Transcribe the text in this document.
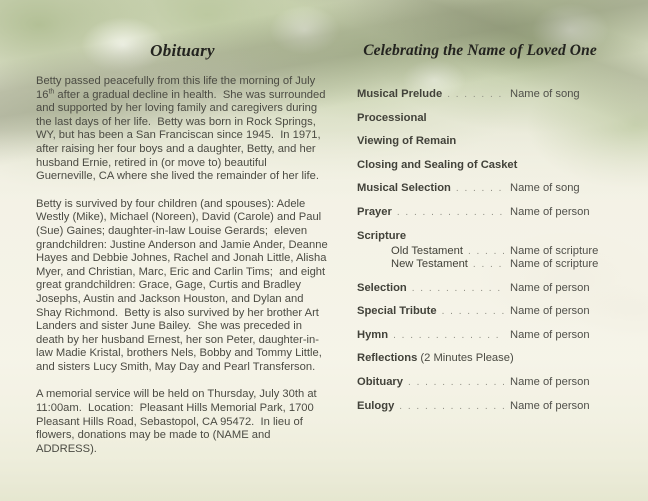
Obituary

Betty passed peacefully from this life the morning of July 16th after a gradual decline in health.  She was surrounded and supported by her loving family and caregivers during the last days of her life.  Betty was born in Rock Springs, WY, but has been a San Franciscan since 1945.  In 1971, after raising her four boys and a daughter, Betty, and her husband Ernie, retired in (or move to) beautiful Guerneville, CA where she lived the remainder of her life.

Betty is survived by four children (and spouses): Adele Westly (Mike), Michael (Noreen), David (Carole) and Paul (Sue) Gaines; daughter-in-law Louise Gerards;  eleven grandchildren: Justine Anderson and Jamie Ander, Deanne Hayes and Debbie Johnes, Rachel and Jonah Little, Alisha Myer, and Christian, Marc, Eric and Carlin Tims;  and eight great grandchildren: Grace, Gage, Curtis and Bradley Josephs, Austin and Jackson Houston, and Dylan and Shay Richmond.  Betty is also survived by her brother Art Landers and sister June Bailey.  She was preceded in death by her husband Ernest, her son Peter, daughter-in-law Madie Kristal, brothers Nels, Bobby and Tommy Little, and sisters Lucy Smith, May Day and Pearl Transferson.

A memorial service will be held on Thursday, July 30th at 11:00am.  Location:  Pleasant Hills Memorial Park, 1700 Pleasant Hills Road, Sebastopol, CA 95472.  In lieu of flowers, donations may be made to (NAME and ADDRESS).

Celebrating the Name of Loved One
Musical Prelude . . .	Name of song
Processional
Viewing of Remain
Closing and Sealing of Casket
Musical Selection . . .	Name of song
Prayer . . .	Name of person
Scripture
Old Testament . . .	Name of scripture
New Testament . . .	Name of scripture
Selection . . .	Name of person
Special Tribute . . .	Name of person
Hymn . . .	Name of person
Reflections (2 Minutes Please)
Obituary . . .	Name of person
Eulogy . . .	Name of person
